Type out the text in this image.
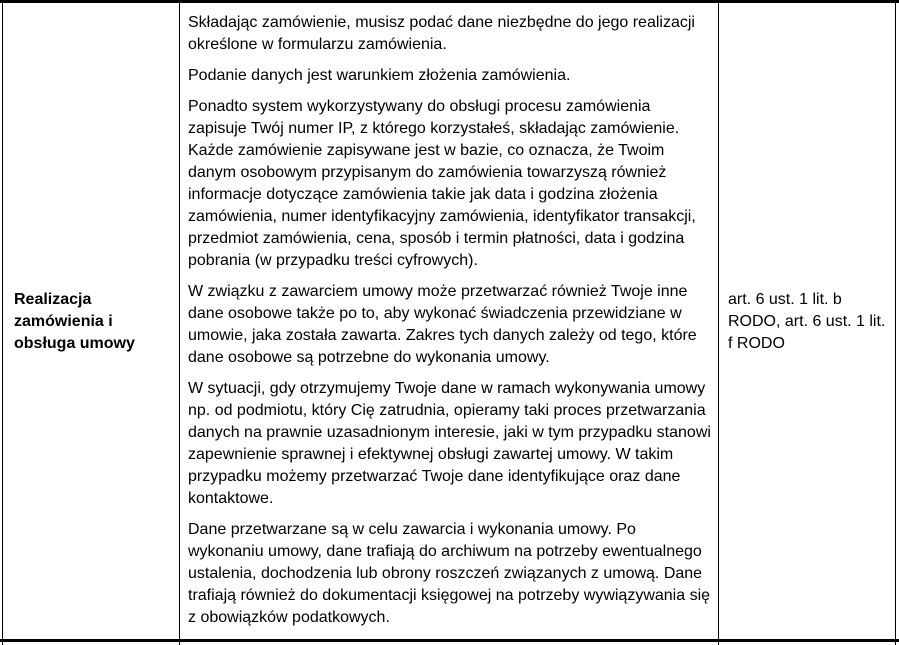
Realizacja zamówienia i obsługa umowy

Składając zamówienie, musisz podać dane niezbędne do jego realizacji określone w formularzu zamówienia.

Podanie danych jest warunkiem złożenia zamówienia.

Ponadto system wykorzystywany do obsługi procesu zamówienia zapisuje Twój numer IP, z którego korzystałeś, składając zamówienie. Każde zamówienie zapisywane jest w bazie, co oznacza, że Twoim danym osobowym przypisanym do zamówienia towarzyszą również informacje dotyczące zamówienia takie jak data i godzina złożenia zamówienia, numer identyfikacyjny zamówienia, identyfikator transakcji, przedmiot zamówienia, cena, sposób i termin płatności, data i godzina pobrania (w przypadku treści cyfrowych).

W związku z zawarciem umowy może przetwarzać również Twoje inne dane osobowe także po to, aby wykonać świadczenia przewidziane w umowie, jaka została zawarta. Zakres tych danych zależy od tego, które dane osobowe są potrzebne do wykonania umowy.

W sytuacji, gdy otrzymujemy Twoje dane w ramach wykonywania umowy np. od podmiotu, który Cię zatrudnia, opieramy taki proces przetwarzania danych na prawnie uzasadnionym interesie, jaki w tym przypadku stanowi zapewnienie sprawnej i efektywnej obsługi zawartej umowy. W takim przypadku możemy przetwarzać Twoje dane identyfikujące oraz dane kontaktowe.

Dane przetwarzane są w celu zawarcia i wykonania umowy. Po wykonaniu umowy, dane trafiają do archiwum na potrzeby ewentualnego ustalenia, dochodzenia lub obrony roszczeń związanych z umową. Dane trafiają również do dokumentacji księgowej na potrzeby wywiązywania się z obowiązków podatkowych.

art. 6 ust. 1 lit. b RODO, art. 6 ust. 1 lit. f RODO
